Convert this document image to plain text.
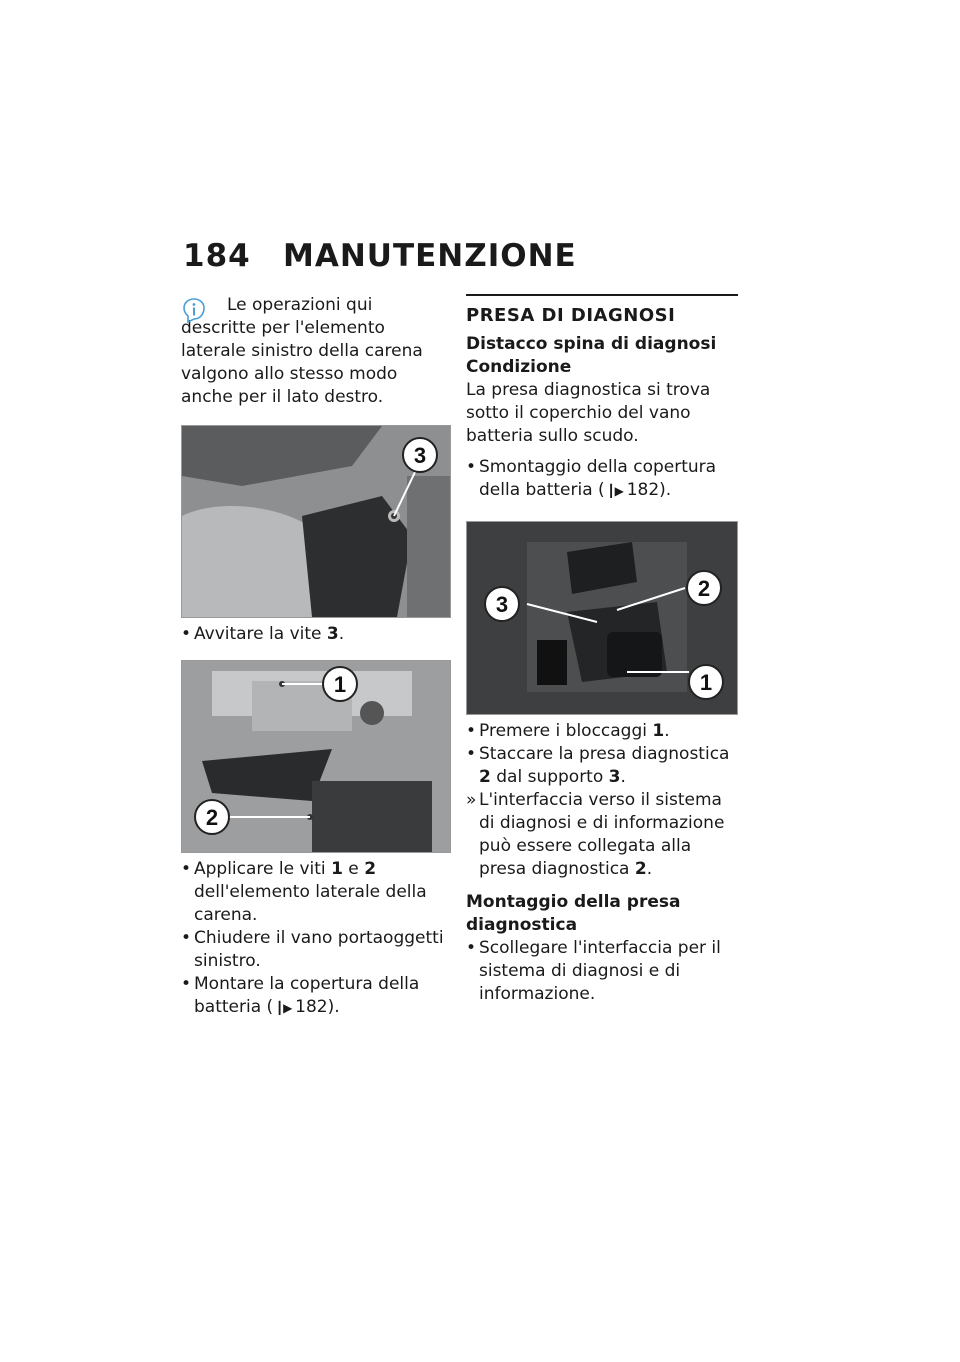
184 MANUTENZIONE

Le operazioni qui descritte per l'elemento laterale sinistro della carena valgono allo stesso modo anche per il lato destro.

3

• Avvitare la vite 3.

1
2

• Applicare le viti 1 e 2 dell'elemento laterale della carena.

• Chiudere il vano portaoggetti sinistro.

• Montare la copertura della batteria ( ┃▶ 182).

PRESA DI DIAGNOSI

Distacco spina di diagnosi

Condizione

La presa diagnostica si trova sotto il coperchio del vano batteria sullo scudo.

• Smontaggio della copertura della batteria ( ┃▶ 182).

3
2
1

• Premere i bloccaggi 1.

• Staccare la presa diagnostica 2 dal supporto 3.

» L'interfaccia verso il sistema di diagnosi e di informazione può essere collegata alla presa diagnostica 2.

Montaggio della presa diagnostica

• Scollegare l'interfaccia per il sistema di diagnosi e di informazione.
